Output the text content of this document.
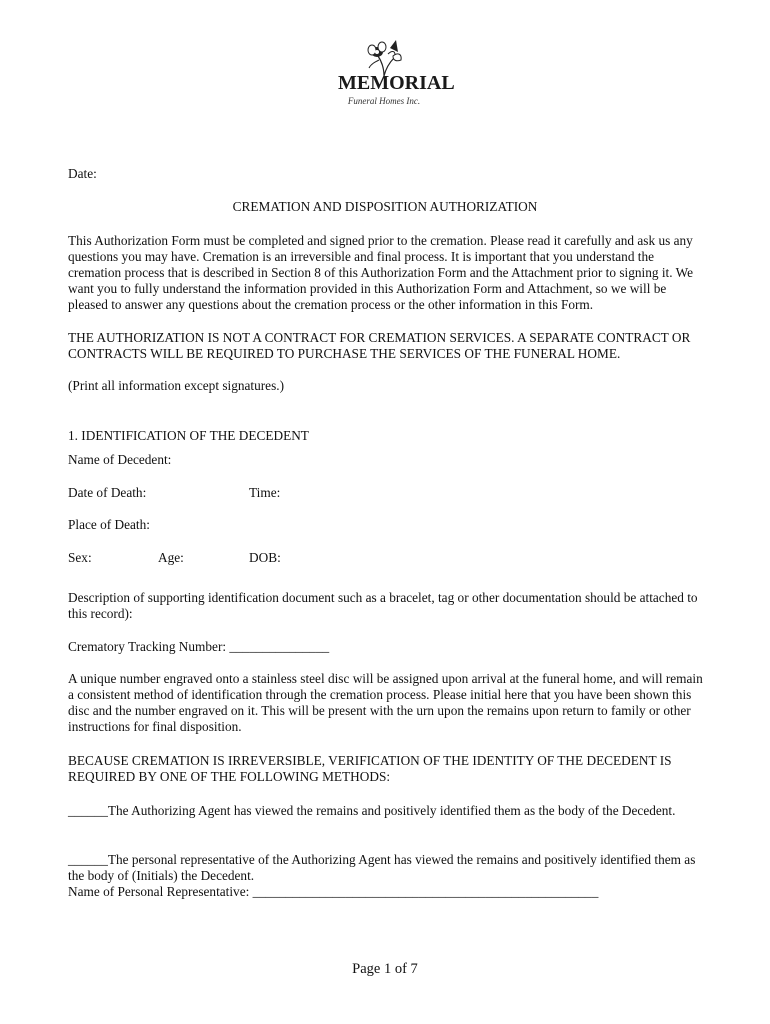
MEMORIAL
Funeral Homes Inc.

Date:

CREMATION AND DISPOSITION AUTHORIZATION

This Authorization Form must be completed and signed prior to the cremation. Please read it carefully and ask us any questions you may have. Cremation is an irreversible and final process. It is important that you understand the cremation process that is described in Section 8 of this Authorization Form and the Attachment prior to signing it. We want you to fully understand the information provided in this Authorization Form and Attachment, so we will be pleased to answer any questions about the cremation process or the other information in this Form.

THE AUTHORIZATION IS NOT A CONTRACT FOR CREMATION SERVICES. A SEPARATE CONTRACT OR CONTRACTS WILL BE REQUIRED TO PURCHASE THE SERVICES OF THE FUNERAL HOME.

(Print all information except signatures.)

1. IDENTIFICATION OF THE DECEDENT

Name of Decedent:

Date of Death:	Time:

Place of Death:

Sex:	Age:	DOB:

Description of supporting identification document such as a bracelet, tag or other documentation should be attached to this record):

Crematory Tracking Number: _______________

A unique number engraved onto a stainless steel disc will be assigned upon arrival at the funeral home, and will remain a consistent method of identification through the cremation process. Please initial here that you have been shown this disc and the number engraved on it. This will be present with the urn upon the remains upon return to family or other instructions for final disposition.

BECAUSE CREMATION IS IRREVERSIBLE, VERIFICATION OF THE IDENTITY OF THE DECEDENT IS REQUIRED BY ONE OF THE FOLLOWING METHODS:

______The Authorizing Agent has viewed the remains and positively identified them as the body of the Decedent.

______The personal representative of the Authorizing Agent has viewed the remains and positively identified them as the body of (Initials) the Decedent.

Name of Personal Representative: ____________________________________________________

Page 1 of 7
